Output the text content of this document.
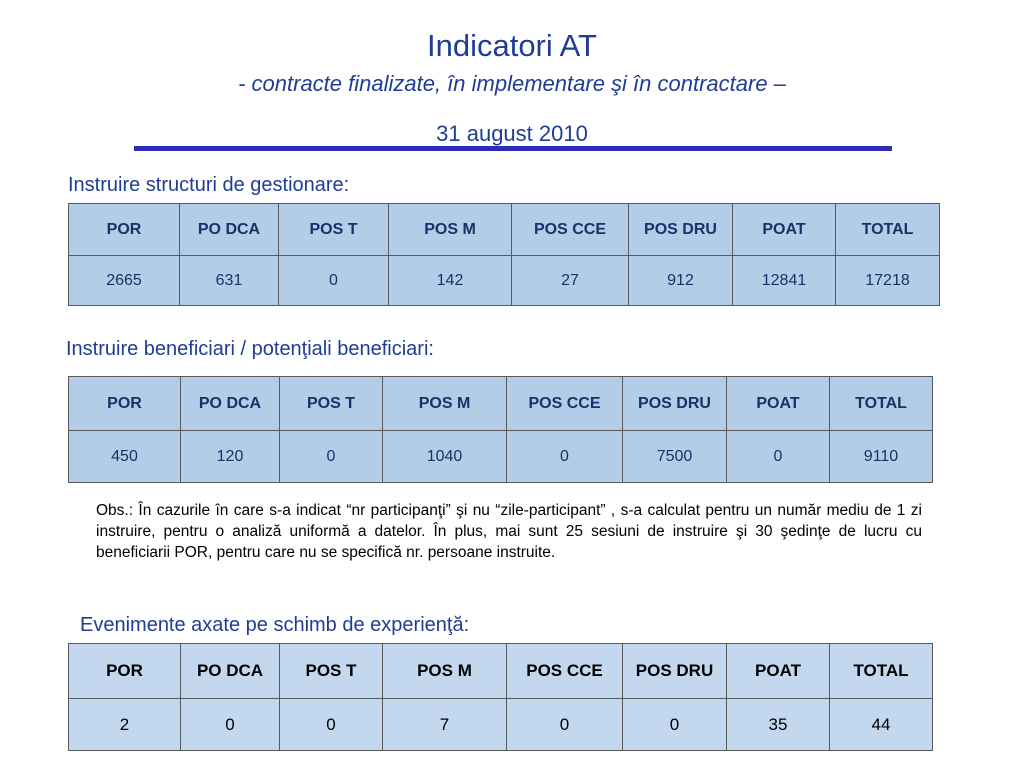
Indicatori AT
- contracte finalizate, în implementare şi în contractare –
31 august 2010
Instruire structuri de gestionare:
POR	PO DCA	POS T	POS M	POS CCE	POS DRU	POAT	TOTAL
2665	631	0	142	27	912	12841	17218
Instruire beneficiari / potenţiali beneficiari:
POR	PO DCA	POS T	POS M	POS CCE	POS DRU	POAT	TOTAL
450	120	0	1040	0	7500	0	9110
Obs.: În cazurile în care s-a indicat “nr participanţi” şi nu “zile-participant” , s-a calculat pentru un număr mediu de 1 zi instruire, pentru o analiză uniformă a datelor. În plus, mai sunt 25 sesiuni de instruire şi 30 şedinţe de lucru cu beneficiarii POR, pentru care nu se specifică nr. persoane instruite.
Evenimente axate pe schimb de experienţă:
POR	PO DCA	POS T	POS M	POS CCE	POS DRU	POAT	TOTAL
2	0	0	7	0	0	35	44
